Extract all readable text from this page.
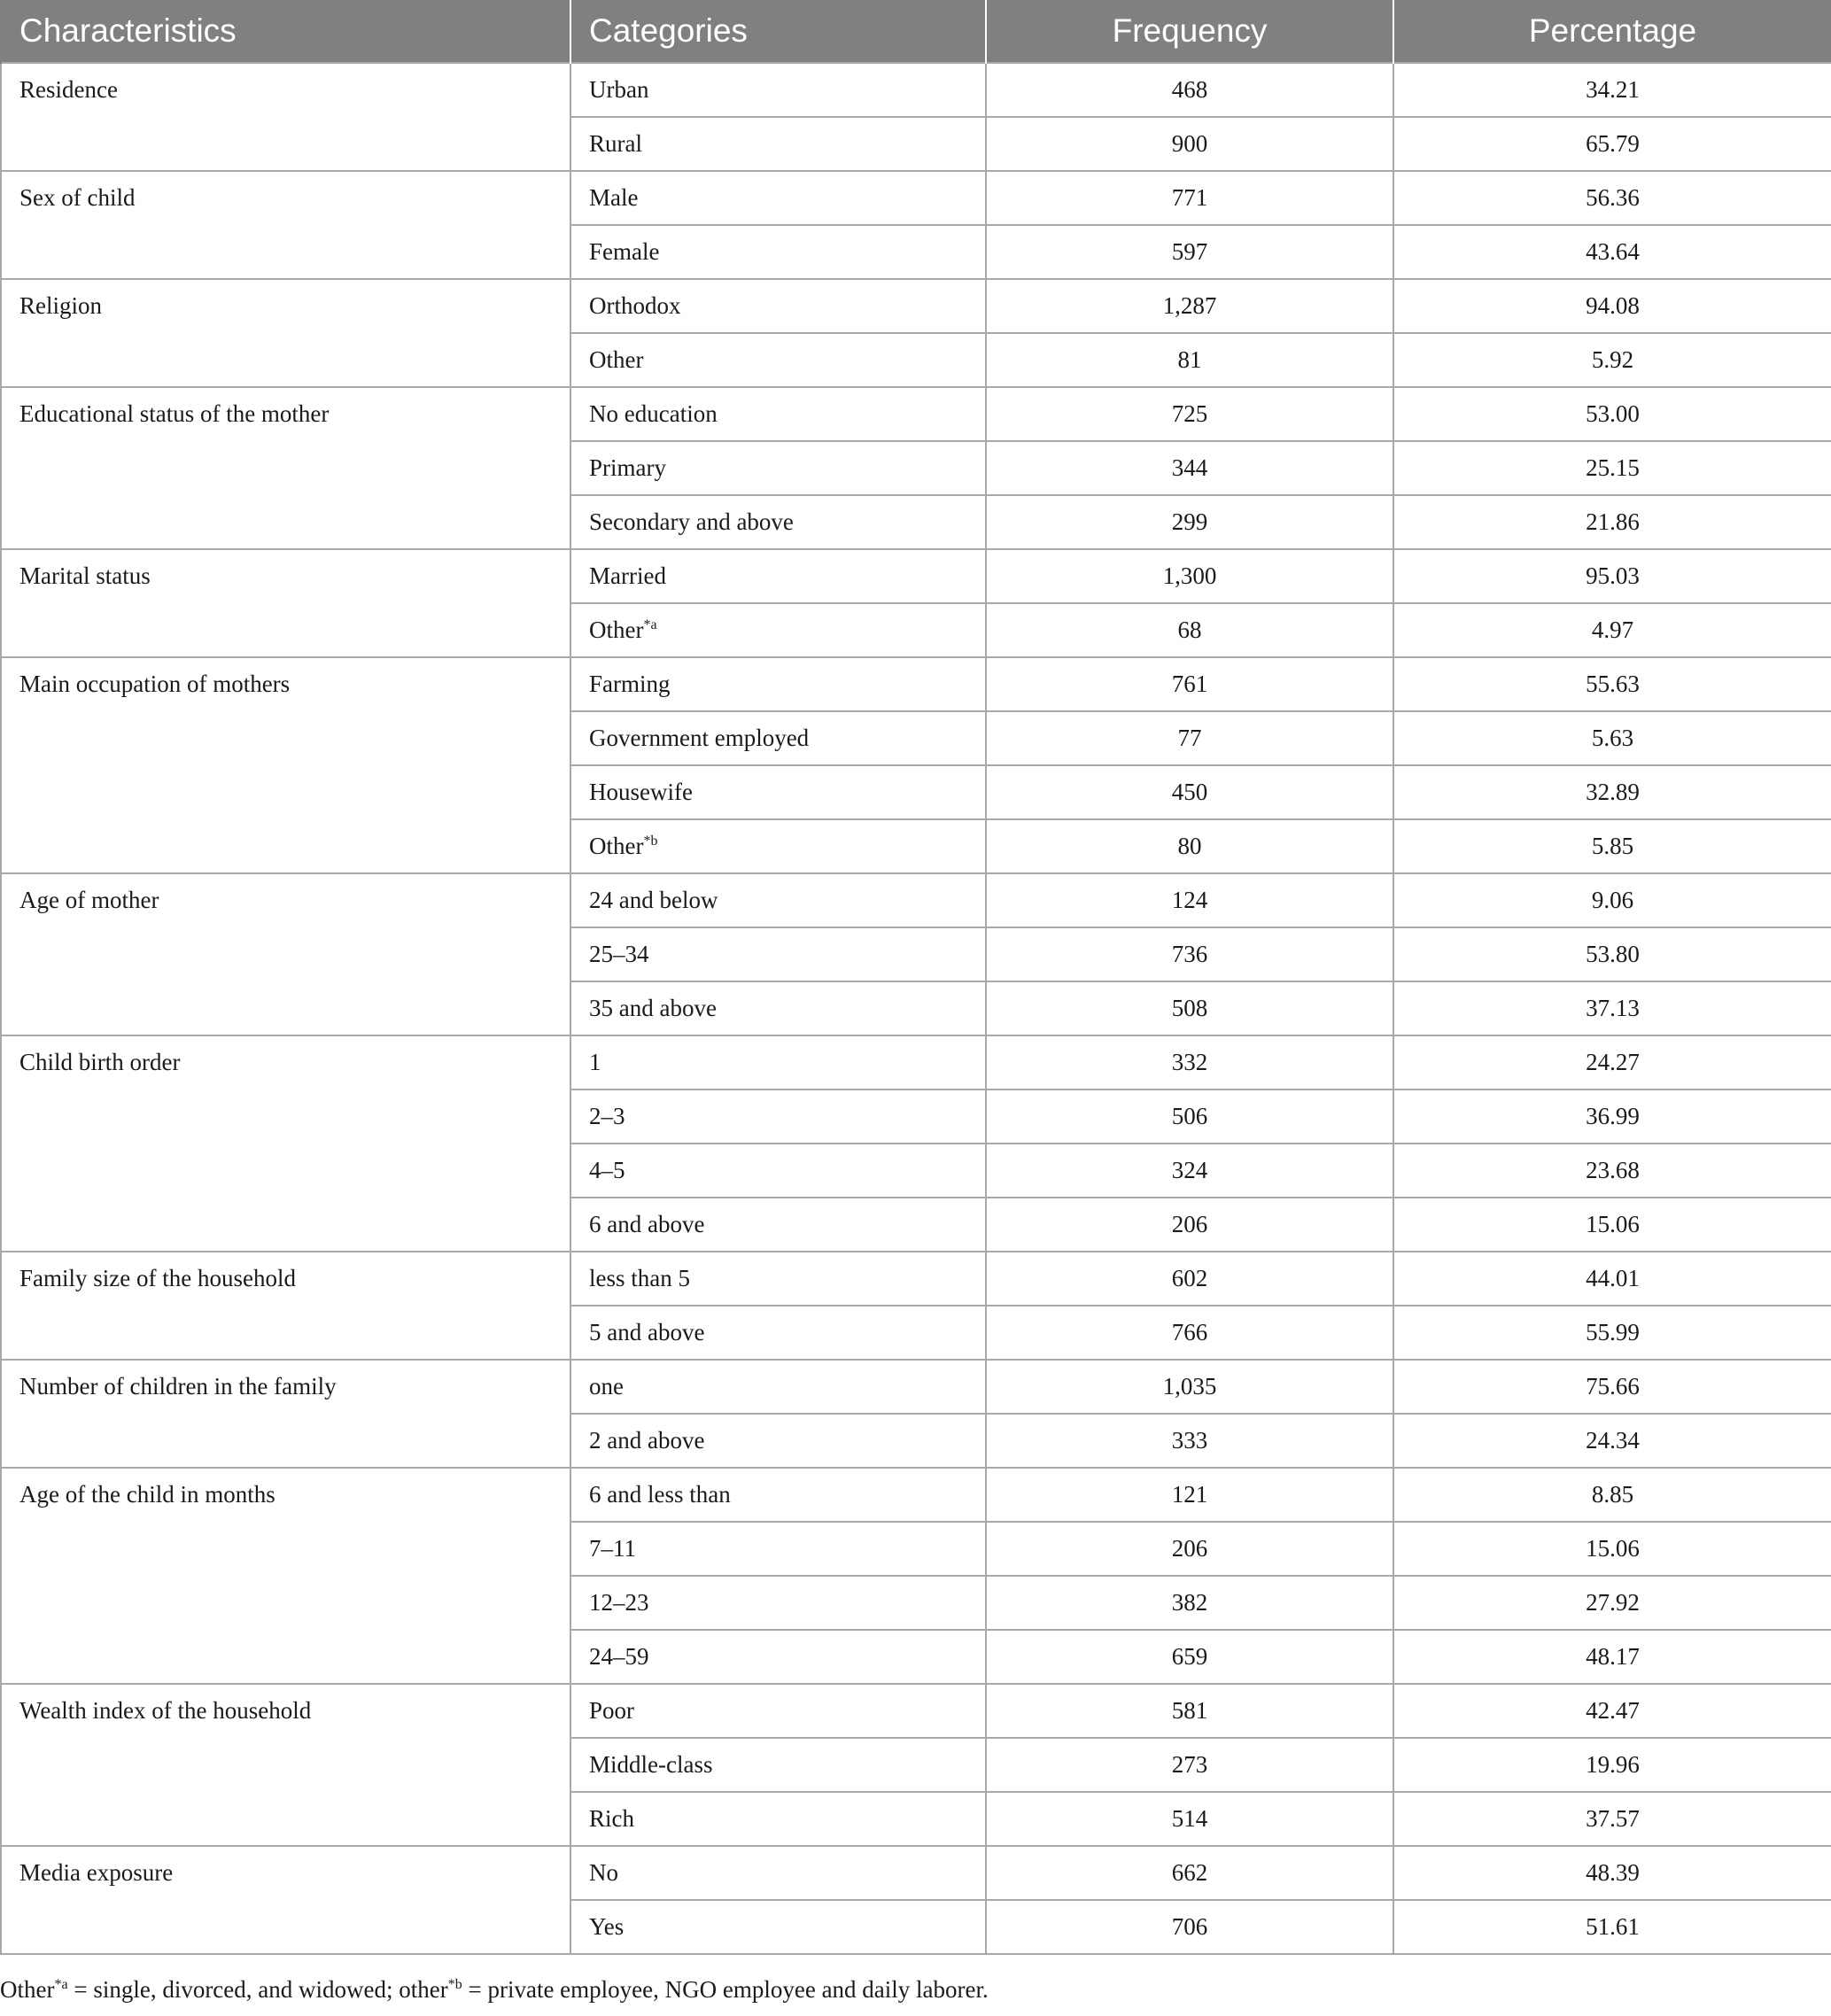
Characteristics	Categories	Frequency	Percentage
Residence	Urban	468	34.21
	Rural	900	65.79
Sex of child	Male	771	56.36
	Female	597	43.64
Religion	Orthodox	1,287	94.08
	Other	81	5.92
Educational status of the mother	No education	725	53.00
	Primary	344	25.15
	Secondary and above	299	21.86
Marital status	Married	1,300	95.03
	Other$^{*a}$	68	4.97
Main occupation of mothers	Farming	761	55.63
	Government employed	77	5.63
	Housewife	450	32.89
	Other$^{*b}$	80	5.85
Age of mother	24 and below	124	9.06
	25–34	736	53.80
	35 and above	508	37.13
Child birth order	1	332	24.27
	2–3	506	36.99
	4–5	324	23.68
	6 and above	206	15.06
Family size of the household	less than 5	602	44.01
	5 and above	766	55.99
Number of children in the family	one	1,035	75.66
	2 and above	333	24.34
Age of the child in months	6 and less than	121	8.85
	7–11	206	15.06
	12–23	382	27.92
	24–59	659	48.17
Wealth index of the household	Poor	581	42.47
	Middle-class	273	19.96
	Rich	514	37.57
Media exposure	No	662	48.39
	Yes	706	51.61
Other$^{*a}$ = single, divorced, and widowed; other$^{*b}$ = private employee, NGO employee and daily laborer.
